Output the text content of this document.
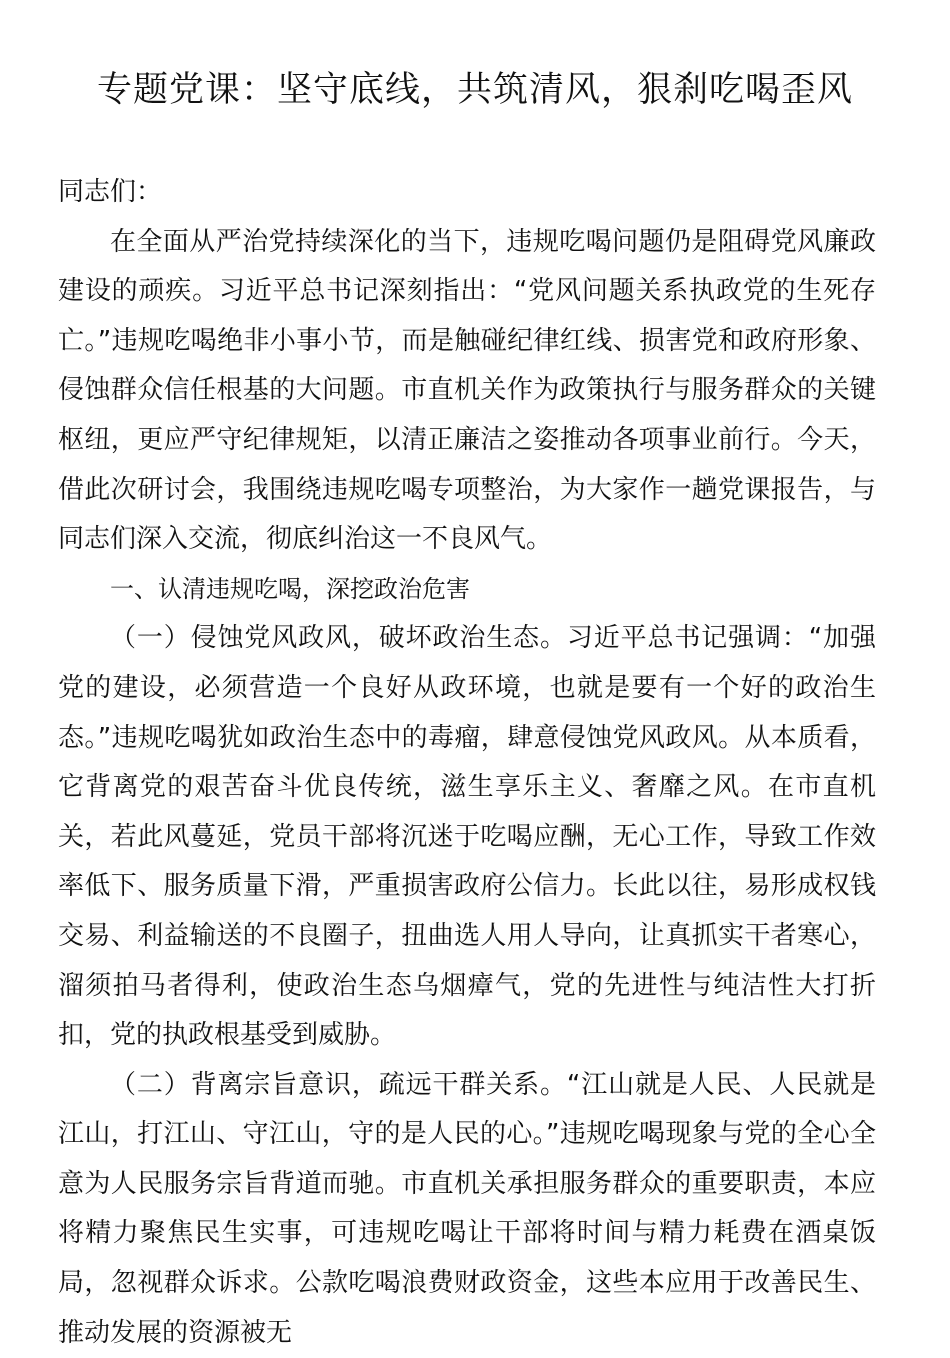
专题党课：坚守底线，共筑清风，狠刹吃喝歪风

同志们：

在全面从严治党持续深化的当下，违规吃喝问题仍是阻碍党风廉政建设的顽疾。习近平总书记深刻指出：“党风问题关系执政党的生死存亡。”违规吃喝绝非小事小节，而是触碰纪律红线、损害党和政府形象、侵蚀群众信任根基的大问题。市直机关作为政策执行与服务群众的关键枢纽，更应严守纪律规矩，以清正廉洁之姿推动各项事业前行。今天，借此次研讨会，我围绕违规吃喝专项整治，为大家作一趟党课报告，与同志们深入交流，彻底纠治这一不良风气。

一、认清违规吃喝，深挖政治危害

（一）侵蚀党风政风，破坏政治生态。习近平总书记强调：“加强党的建设，必须营造一个良好从政环境，也就是要有一个好的政治生态。”违规吃喝犹如政治生态中的毒瘤，肆意侵蚀党风政风。从本质看，它背离党的艰苦奋斗优良传统，滋生享乐主义、奢靡之风。在市直机关，若此风蔓延，党员干部将沉迷于吃喝应酬，无心工作，导致工作效率低下、服务质量下滑，严重损害政府公信力。长此以往，易形成权钱交易、利益输送的不良圈子，扭曲选人用人导向，让真抓实干者寒心，溜须拍马者得利，使政治生态乌烟瘴气，党的先进性与纯洁性大打折扣，党的执政根基受到威胁。

（二）背离宗旨意识，疏远干群关系。“江山就是人民、人民就是江山，打江山、守江山，守的是人民的心。”违规吃喝现象与党的全心全意为人民服务宗旨背道而驰。市直机关承担服务群众的重要职责，本应将精力聚焦民生实事，可违规吃喝让干部将时间与精力耗费在酒桌饭局，忽视群众诉求。公款吃喝浪费财政资金，这些本应用于改善民生、推动发展的资源被无
